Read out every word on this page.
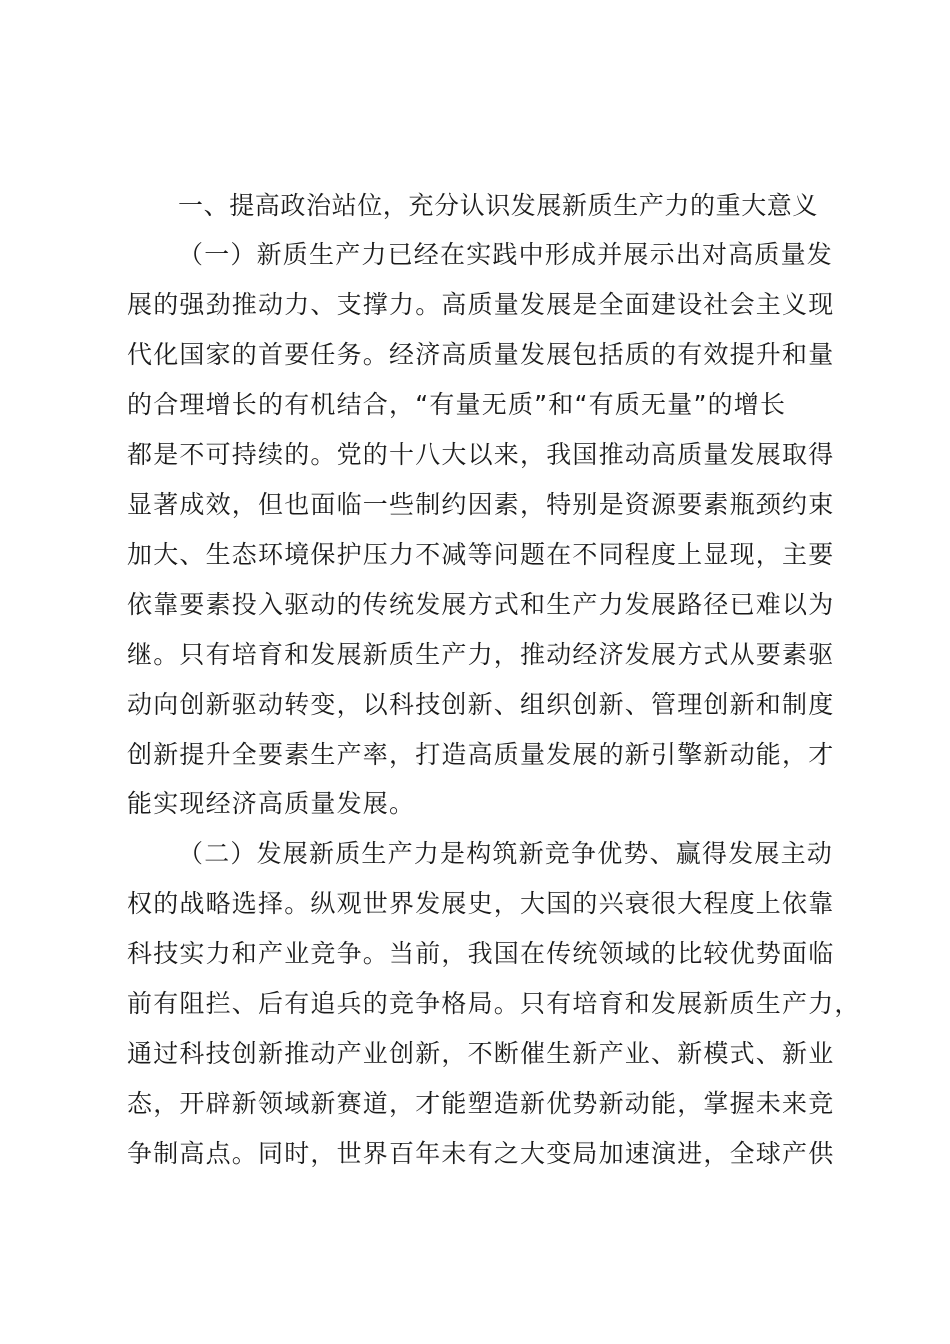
一、提高政治站位，充分认识发展新质生产力的重大意义
（一）新质生产力已经在实践中形成并展示出对高质量发
展的强劲推动力、支撑力。高质量发展是全面建设社会主义现
代化国家的首要任务。经济高质量发展包括质的有效提升和量
的合理增长的有机结合，“有量无质”和“有质无量”的增长
都是不可持续的。党的十八大以来，我国推动高质量发展取得
显著成效，但也面临一些制约因素，特别是资源要素瓶颈约束
加大、生态环境保护压力不减等问题在不同程度上显现，主要
依靠要素投入驱动的传统发展方式和生产力发展路径已难以为
继。只有培育和发展新质生产力，推动经济发展方式从要素驱
动向创新驱动转变，以科技创新、组织创新、管理创新和制度
创新提升全要素生产率，打造高质量发展的新引擎新动能，才
能实现经济高质量发展。
（二）发展新质生产力是构筑新竞争优势、赢得发展主动
权的战略选择。纵观世界发展史，大国的兴衰很大程度上依靠
科技实力和产业竞争。当前，我国在传统领域的比较优势面临
前有阻拦、后有追兵的竞争格局。只有培育和发展新质生产力，
通过科技创新推动产业创新，不断催生新产业、新模式、新业
态，开辟新领域新赛道，才能塑造新优势新动能，掌握未来竞
争制高点。同时，世界百年未有之大变局加速演进，全球产供
